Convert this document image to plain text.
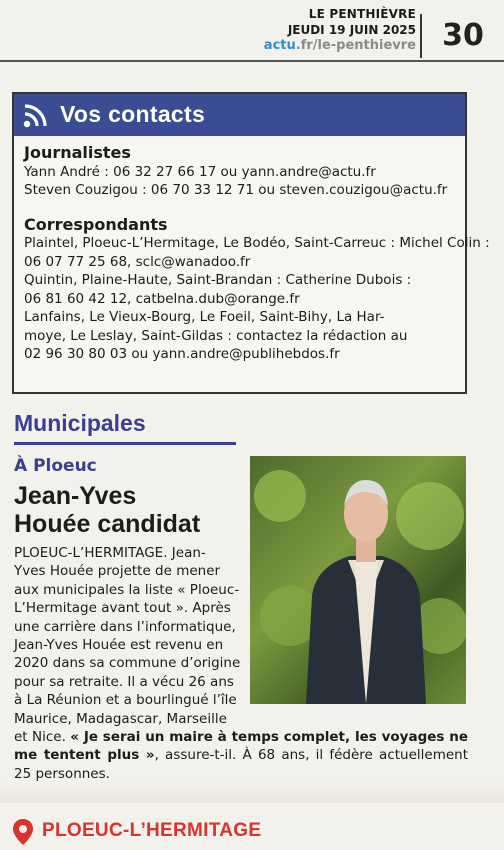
LE PENTHIÈVRE
JEUDI 19 JUIN 2025
actu.fr/le-penthievre 30
Vos contacts
Journalistes
Yann André : 06 32 27 66 17 ou yann.andre@actu.fr
Steven Couzigou : 06 70 33 12 71 ou steven.couzigou@actu.fr
Correspondants
Plaintel, Ploeuc-L’Hermitage, Le Bodéo, Saint-Carreuc : Michel Colin :
06 07 77 25 68, sclc@wanadoo.fr
Quintin, Plaine-Haute, Saint-Brandan : Catherine Dubois :
06 81 60 42 12, catbelna.dub@orange.fr
Lanfains, Le Vieux-Bourg, Le Foeil, Saint-Bihy, La Har-
moye, Le Leslay, Saint-Gildas : contactez la rédaction au
02 96 30 80 03 ou yann.andre@publihebdos.fr
Municipales
À Ploeuc
Jean-Yves
Houée candidat
PLOEUC-L’HERMITAGE. Jean-
Yves Houée projette de mener
aux municipales la liste « Ploeuc-
L’Hermitage avant tout ». Après
une carrière dans l’informatique,
Jean-Yves Houée est revenu en
2020 dans sa commune d’origine
pour sa retraite. Il a vécu 26 ans
à La Réunion et a bourlingué l’île
Maurice, Madagascar, Marseille
et Nice. « Je serai un maire à temps complet, les voyages ne me tentent plus », assure-t-il. À 68 ans, il fédère actuellement 25 personnes.
PLOEUC-L’HERMITAGE
